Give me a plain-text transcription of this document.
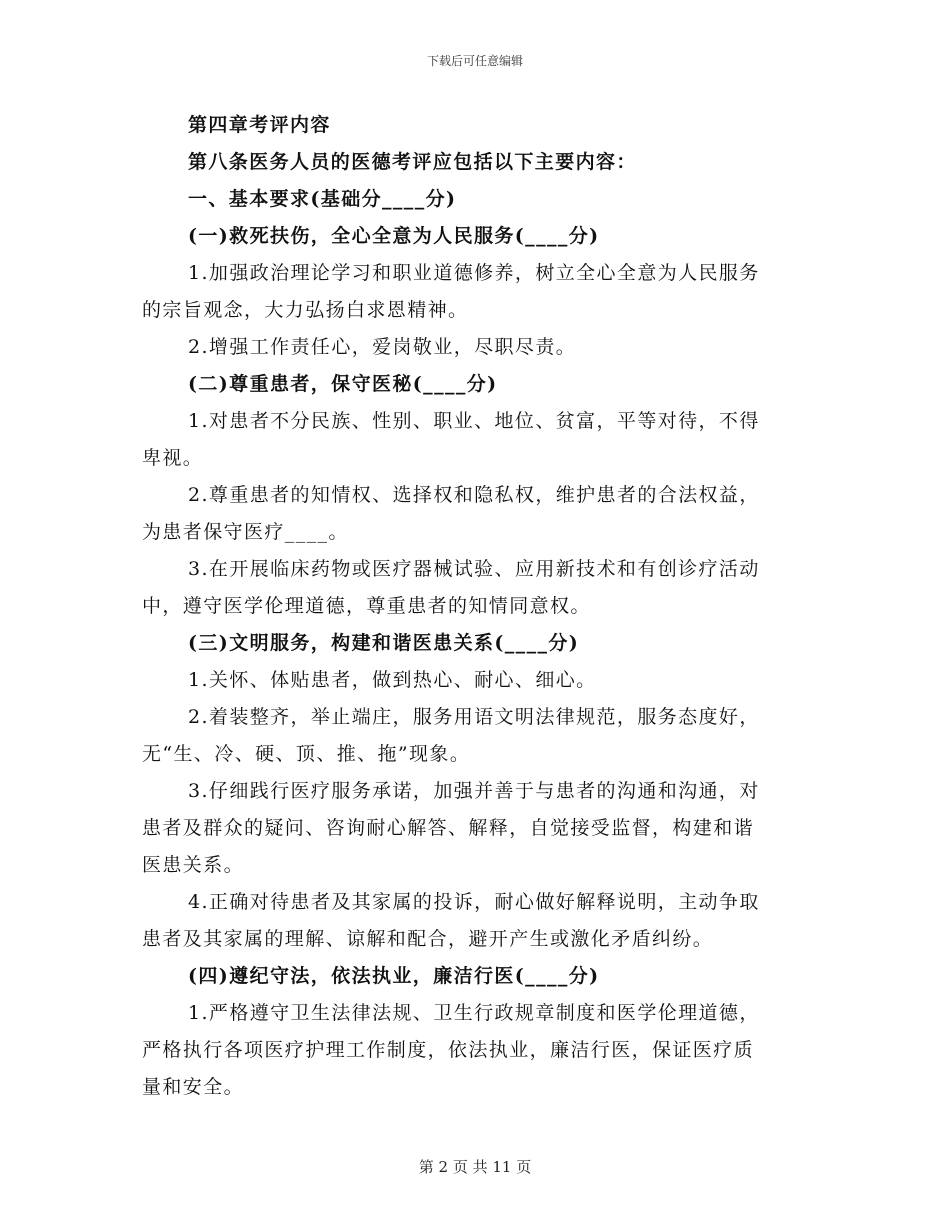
下载后可任意编辑

第四章考评内容

第八条医务人员的医德考评应包括以下主要内容：

一、基本要求(基础分____分)

(一)救死扶伤，全心全意为人民服务(____分)

1.加强政治理论学习和职业道德修养，树立全心全意为人民服务

的宗旨观念，大力弘扬白求恩精神。

2.增强工作责任心，爱岗敬业，尽职尽责。

(二)尊重患者，保守医秘(____分)

1.对患者不分民族、性别、职业、地位、贫富，平等对待，不得

卑视。

2.尊重患者的知情权、选择权和隐私权，维护患者的合法权益，

为患者保守医疗____。

3.在开展临床药物或医疗器械试验、应用新技术和有创诊疗活动

中，遵守医学伦理道德，尊重患者的知情同意权。

(三)文明服务，构建和谐医患关系(____分)

1.关怀、体贴患者，做到热心、耐心、细心。

2.着装整齐，举止端庄，服务用语文明法律规范，服务态度好，

无“生、冷、硬、顶、推、拖”现象。

3.仔细践行医疗服务承诺，加强并善于与患者的沟通和沟通，对

患者及群众的疑问、咨询耐心解答、解释，自觉接受监督，构建和谐

医患关系。

4.正确对待患者及其家属的投诉，耐心做好解释说明，主动争取

患者及其家属的理解、谅解和配合，避开产生或激化矛盾纠纷。

(四)遵纪守法，依法执业，廉洁行医(____分)

1.严格遵守卫生法律法规、卫生行政规章制度和医学伦理道德，

严格执行各项医疗护理工作制度，依法执业，廉洁行医，保证医疗质

量和安全。

第 2 页 共 11 页
